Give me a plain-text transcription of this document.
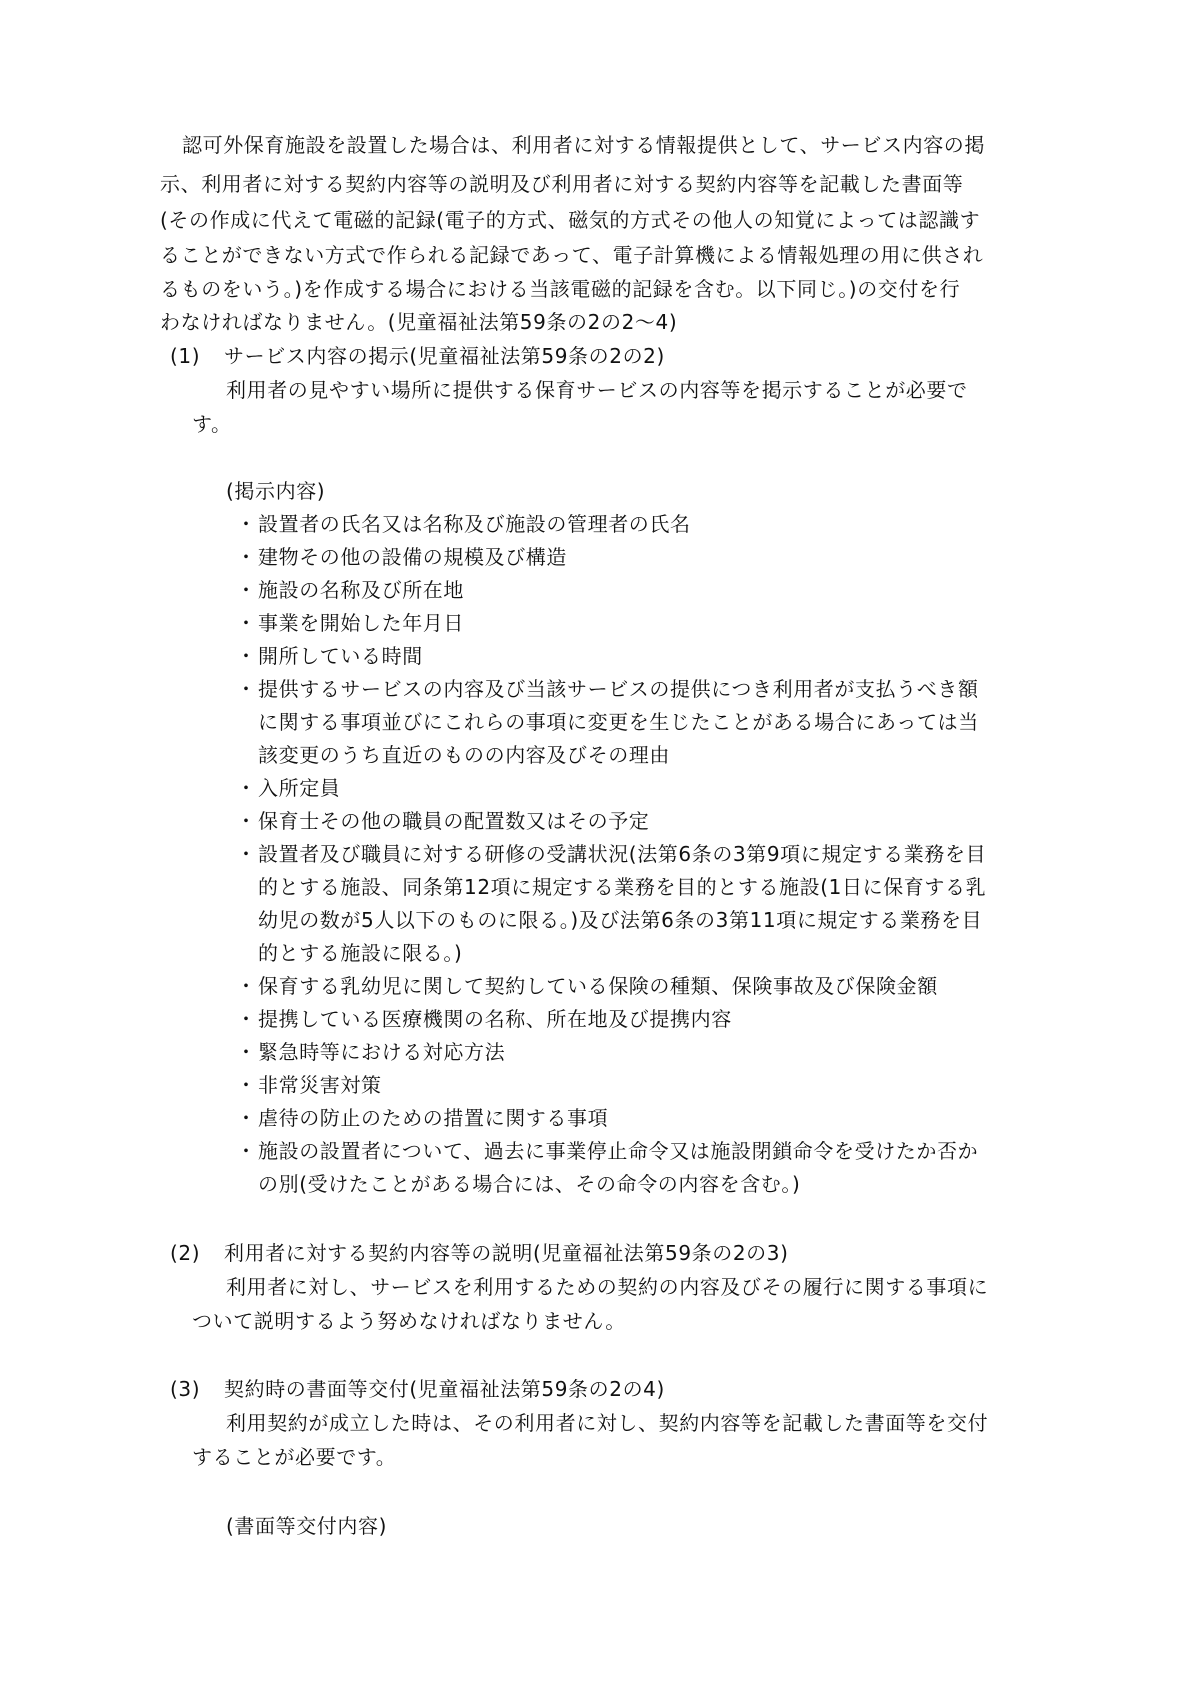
認可外保育施設を設置した場合は、利用者に対する情報提供として、サービス内容の掲
示、利用者に対する契約内容等の説明及び利用者に対する契約内容等を記載した書面等
(その作成に代えて電磁的記録(電子的方式、磁気的方式その他人の知覚によっては認識す
ることができない方式で作られる記録であって、電子計算機による情報処理の用に供され
るものをいう。)を作成する場合における当該電磁的記録を含む。以下同じ。)の交付を行
わなければなりません。(児童福祉法第59条の2の2〜4)
(1) サービス内容の掲示(児童福祉法第59条の2の2)
利用者の見やすい場所に提供する保育サービスの内容等を掲示することが必要で
す。
(掲示内容)
・設置者の氏名又は名称及び施設の管理者の氏名
・建物その他の設備の規模及び構造
・施設の名称及び所在地
・事業を開始した年月日
・開所している時間
・提供するサービスの内容及び当該サービスの提供につき利用者が支払うべき額
に関する事項並びにこれらの事項に変更を生じたことがある場合にあっては当
該変更のうち直近のものの内容及びその理由
・入所定員
・保育士その他の職員の配置数又はその予定
・設置者及び職員に対する研修の受講状況(法第6条の3第9項に規定する業務を目
的とする施設、同条第12項に規定する業務を目的とする施設(1日に保育する乳
幼児の数が5人以下のものに限る。)及び法第6条の3第11項に規定する業務を目
的とする施設に限る。)
・保育する乳幼児に関して契約している保険の種類、保険事故及び保険金額
・提携している医療機関の名称、所在地及び提携内容
・緊急時等における対応方法
・非常災害対策
・虐待の防止のための措置に関する事項
・施設の設置者について、過去に事業停止命令又は施設閉鎖命令を受けたか否か
の別(受けたことがある場合には、その命令の内容を含む。)
(2) 利用者に対する契約内容等の説明(児童福祉法第59条の2の3)
利用者に対し、サービスを利用するための契約の内容及びその履行に関する事項に
ついて説明するよう努めなければなりません。
(3) 契約時の書面等交付(児童福祉法第59条の2の4)
利用契約が成立した時は、その利用者に対し、契約内容等を記載した書面等を交付
することが必要です。
(書面等交付内容)
